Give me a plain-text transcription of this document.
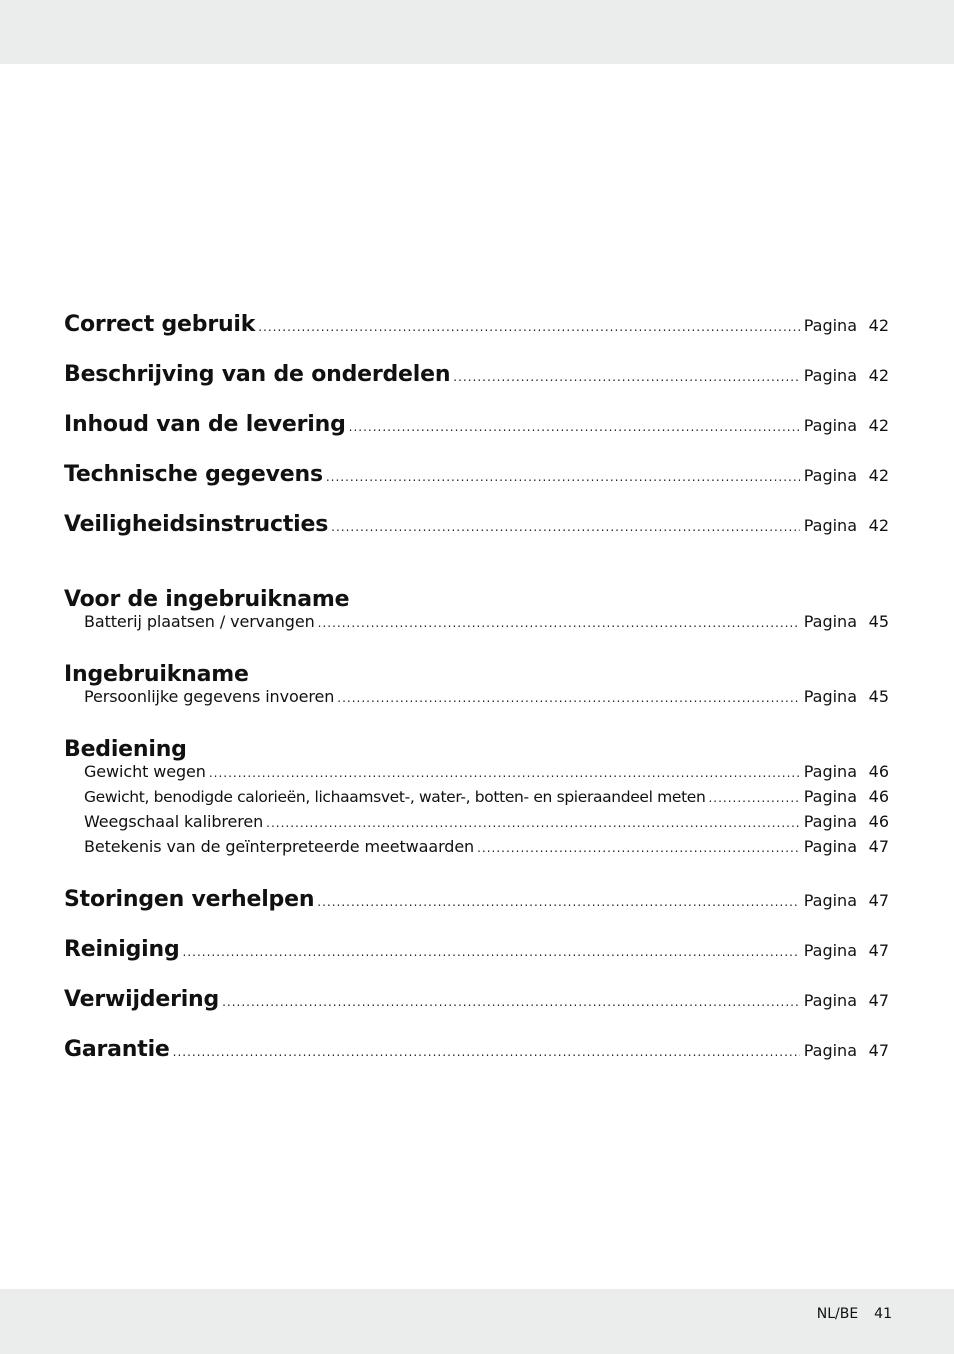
Correct gebruik .....	Pagina 42
Beschrijving van de onderdelen .....	Pagina 42
Inhoud van de levering .....	Pagina 42
Technische gegevens .....	Pagina 42
Veiligheidsinstructies .....	Pagina 42
Voor de ingebruikname
Batterij plaatsen / vervangen .....	Pagina 45
Ingebruikname
Persoonlijke gegevens invoeren .....	Pagina 45
Bediening
Gewicht wegen .....	Pagina 46
Gewicht, benodigde calorieën, lichaamsvet-, water-, botten- en spieraandeel meten .....	Pagina 46
Weegschaal kalibreren .....	Pagina 46
Betekenis van de geïnterpreteerde meetwaarden .....	Pagina 47
Storingen verhelpen .....	Pagina 47
Reiniging .....	Pagina 47
Verwijdering .....	Pagina 47
Garantie .....	Pagina 47
NL/BE 41
